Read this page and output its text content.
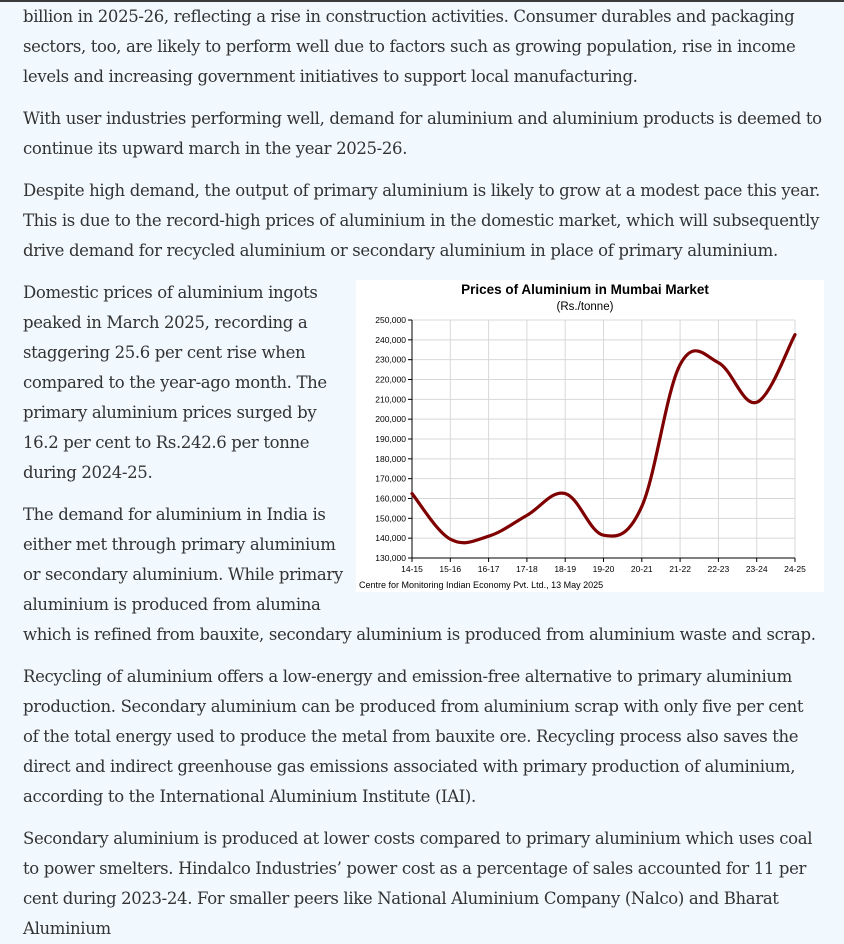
billion in 2025-26, reflecting a rise in construction activities. Consumer durables and packaging sectors, too, are likely to perform well due to factors such as growing population, rise in income levels and increasing government initiatives to support local manufacturing.

With user industries performing well, demand for aluminium and aluminium products is deemed to continue its upward march in the year 2025-26.

Despite high demand, the output of primary aluminium is likely to grow at a modest pace this year. This is due to the record-high prices of aluminium in the domestic market, which will subsequently drive demand for recycled aluminium or secondary aluminium in place of primary aluminium.

Prices of Aluminium in Mumbai Market
(Rs./tonne)
250,000
240,000
230,000
220,000
210,000
200,000
190,000
180,000
170,000
160,000
150,000
140,000
130,000
14-15 15-16 16-17 17-18 18-19 19-20 20-21 21-22 22-23 23-24 24-25
Centre for Monitoring Indian Economy Pvt. Ltd., 13 May 2025

Domestic prices of aluminium ingots peaked in March 2025, recording a staggering 25.6 per cent rise when compared to the year-ago month. The primary aluminium prices surged by 16.2 per cent to Rs.242.6 per tonne during 2024-25.

The demand for aluminium in India is either met through primary aluminium or secondary aluminium. While primary aluminium is produced from alumina which is refined from bauxite, secondary aluminium is produced from aluminium waste and scrap.

Recycling of aluminium offers a low-energy and emission-free alternative to primary aluminium production. Secondary aluminium can be produced from aluminium scrap with only five per cent of the total energy used to produce the metal from bauxite ore. Recycling process also saves the direct and indirect greenhouse gas emissions associated with primary production of aluminium, according to the International Aluminium Institute (IAI).

Secondary aluminium is produced at lower costs compared to primary aluminium which uses coal to power smelters. Hindalco Industries’ power cost as a percentage of sales accounted for 11 per cent during 2023-24. For smaller peers like National Aluminium Company (Nalco) and Bharat Aluminium
